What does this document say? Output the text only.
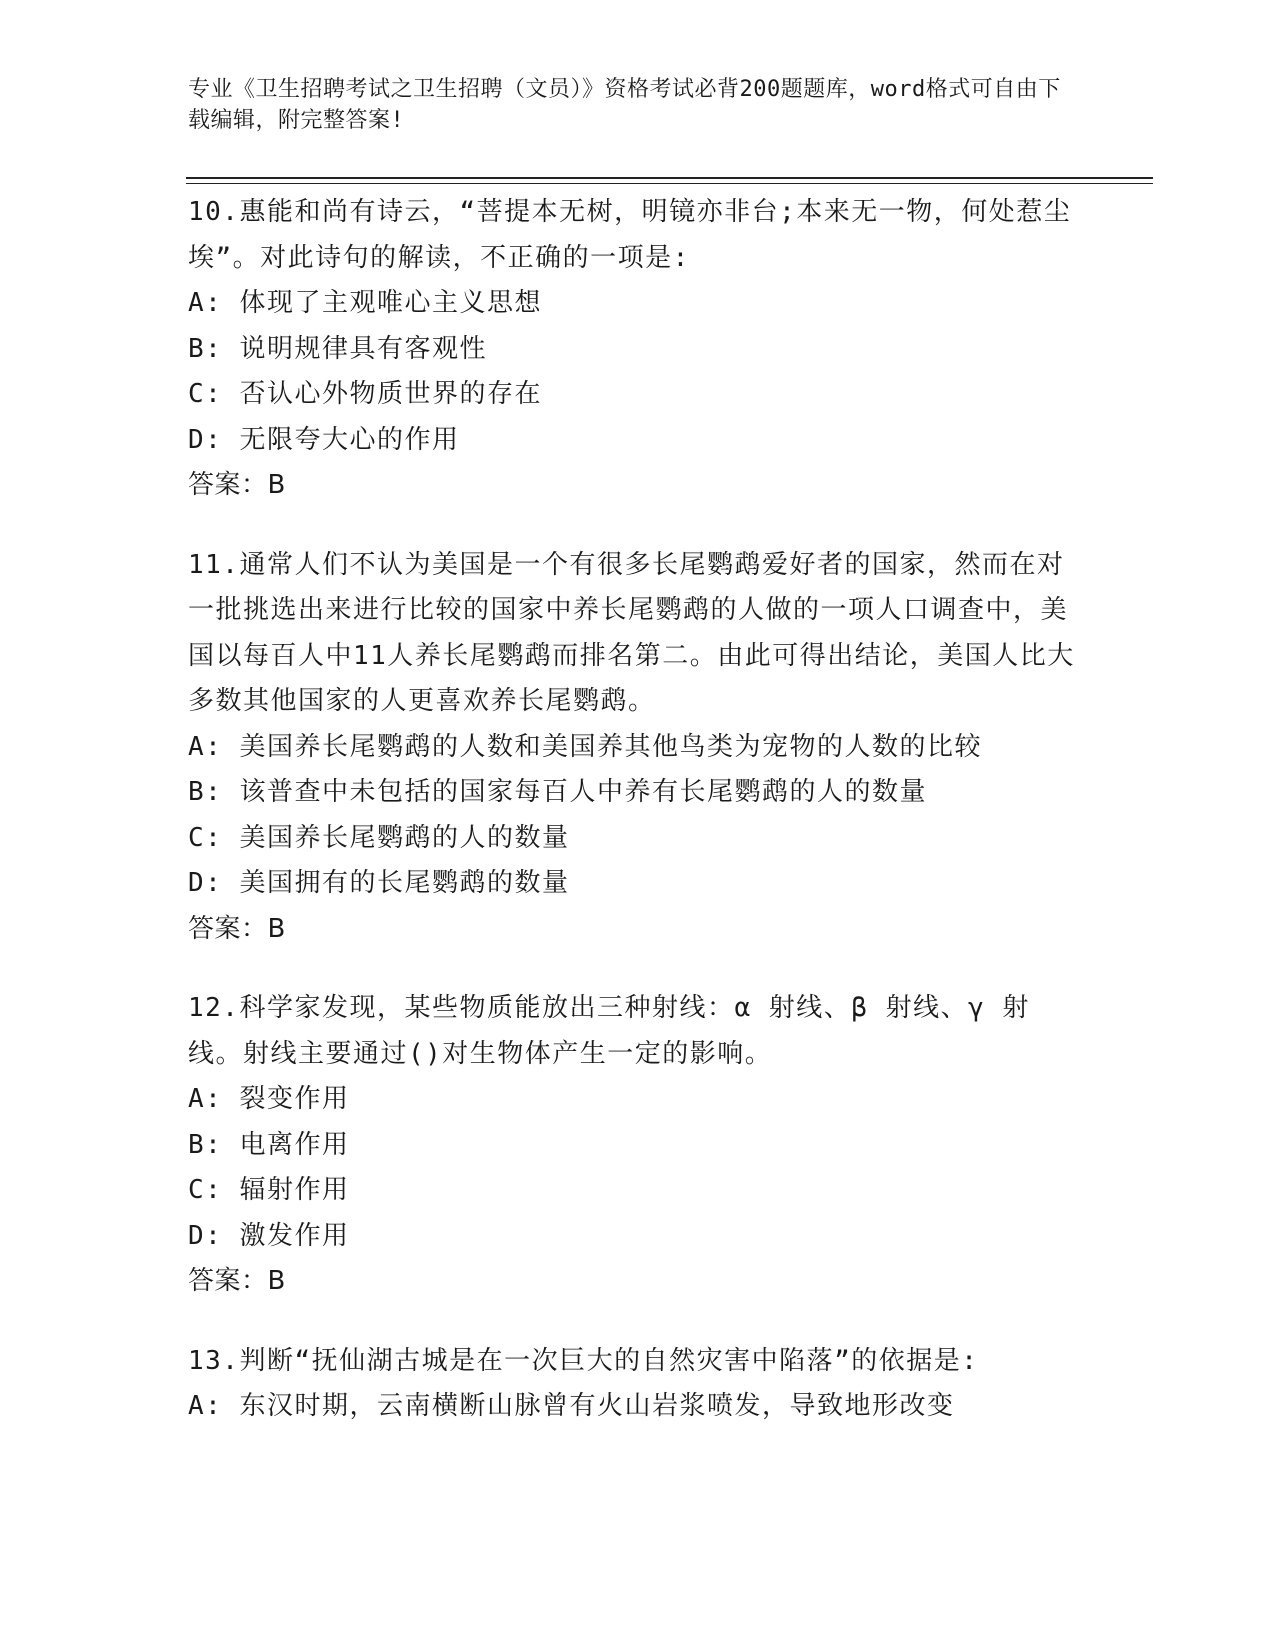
专业《卫生招聘考试之卫生招聘（文员）》资格考试必背200题题库，word格式可自由下载编辑，附完整答案!
10.惠能和尚有诗云，“菩提本无树，明镜亦非台;本来无一物，何处惹尘埃”。对此诗句的解读，不正确的一项是:
A: 体现了主观唯心主义思想
B: 说明规律具有客观性
C: 否认心外物质世界的存在
D: 无限夸大心的作用
答案：B
11.通常人们不认为美国是一个有很多长尾鹦鹉爱好者的国家，然而在对一批挑选出来进行比较的国家中养长尾鹦鹉的人做的一项人口调查中，美国以每百人中11人养长尾鹦鹉而排名第二。由此可得出结论，美国人比大多数其他国家的人更喜欢养长尾鹦鹉。
A: 美国养长尾鹦鹉的人数和美国养其他鸟类为宠物的人数的比较
B: 该普查中未包括的国家每百人中养有长尾鹦鹉的人的数量
C: 美国养长尾鹦鹉的人的数量
D: 美国拥有的长尾鹦鹉的数量
答案：B
12.科学家发现，某些物质能放出三种射线：α 射线、β 射线、γ 射线。射线主要通过()对生物体产生一定的影响。
A: 裂变作用
B: 电离作用
C: 辐射作用
D: 激发作用
答案：B
13.判断“抚仙湖古城是在一次巨大的自然灾害中陷落”的依据是:
A: 东汉时期，云南横断山脉曾有火山岩浆喷发，导致地形改变
